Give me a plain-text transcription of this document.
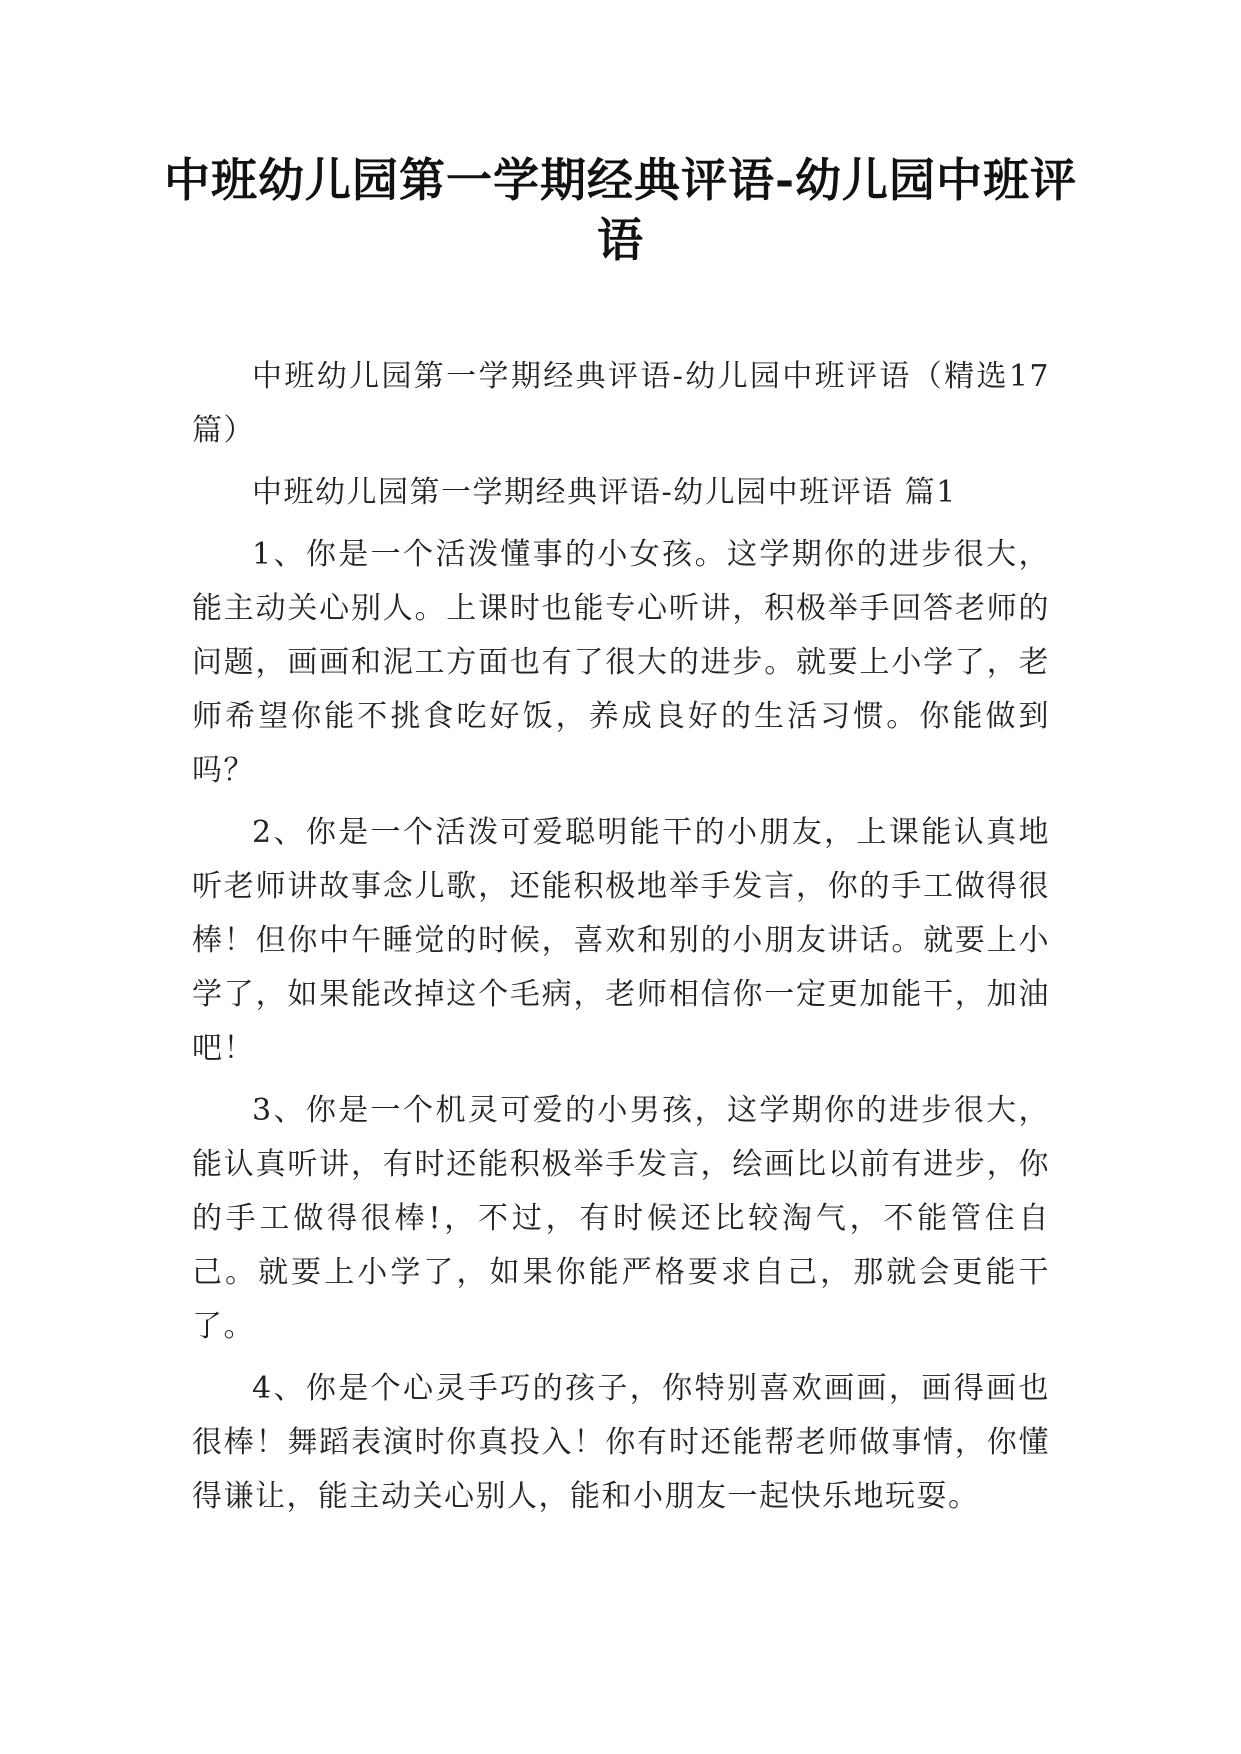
中班幼儿园第一学期经典评语-幼儿园中班评语

中班幼儿园第一学期经典评语-幼儿园中班评语（精选17篇）

中班幼儿园第一学期经典评语-幼儿园中班评语 篇1

1、你是一个活泼懂事的小女孩。这学期你的进步很大，能主动关心别人。上课时也能专心听讲，积极举手回答老师的问题，画画和泥工方面也有了很大的进步。就要上小学了，老师希望你能不挑食吃好饭，养成良好的生活习惯。你能做到吗？

2、你是一个活泼可爱聪明能干的小朋友，上课能认真地听老师讲故事念儿歌，还能积极地举手发言，你的手工做得很棒！但你中午睡觉的时候，喜欢和别的小朋友讲话。就要上小学了，如果能改掉这个毛病，老师相信你一定更加能干，加油吧！

3、你是一个机灵可爱的小男孩，这学期你的进步很大，能认真听讲，有时还能积极举手发言，绘画比以前有进步，你的手工做得很棒!，不过，有时候还比较淘气，不能管住自己。就要上小学了，如果你能严格要求自己，那就会更能干了。

4、你是个心灵手巧的孩子，你特别喜欢画画，画得画也很棒！舞蹈表演时你真投入！你有时还能帮老师做事情，你懂得谦让，能主动关心别人，能和小朋友一起快乐地玩耍。
